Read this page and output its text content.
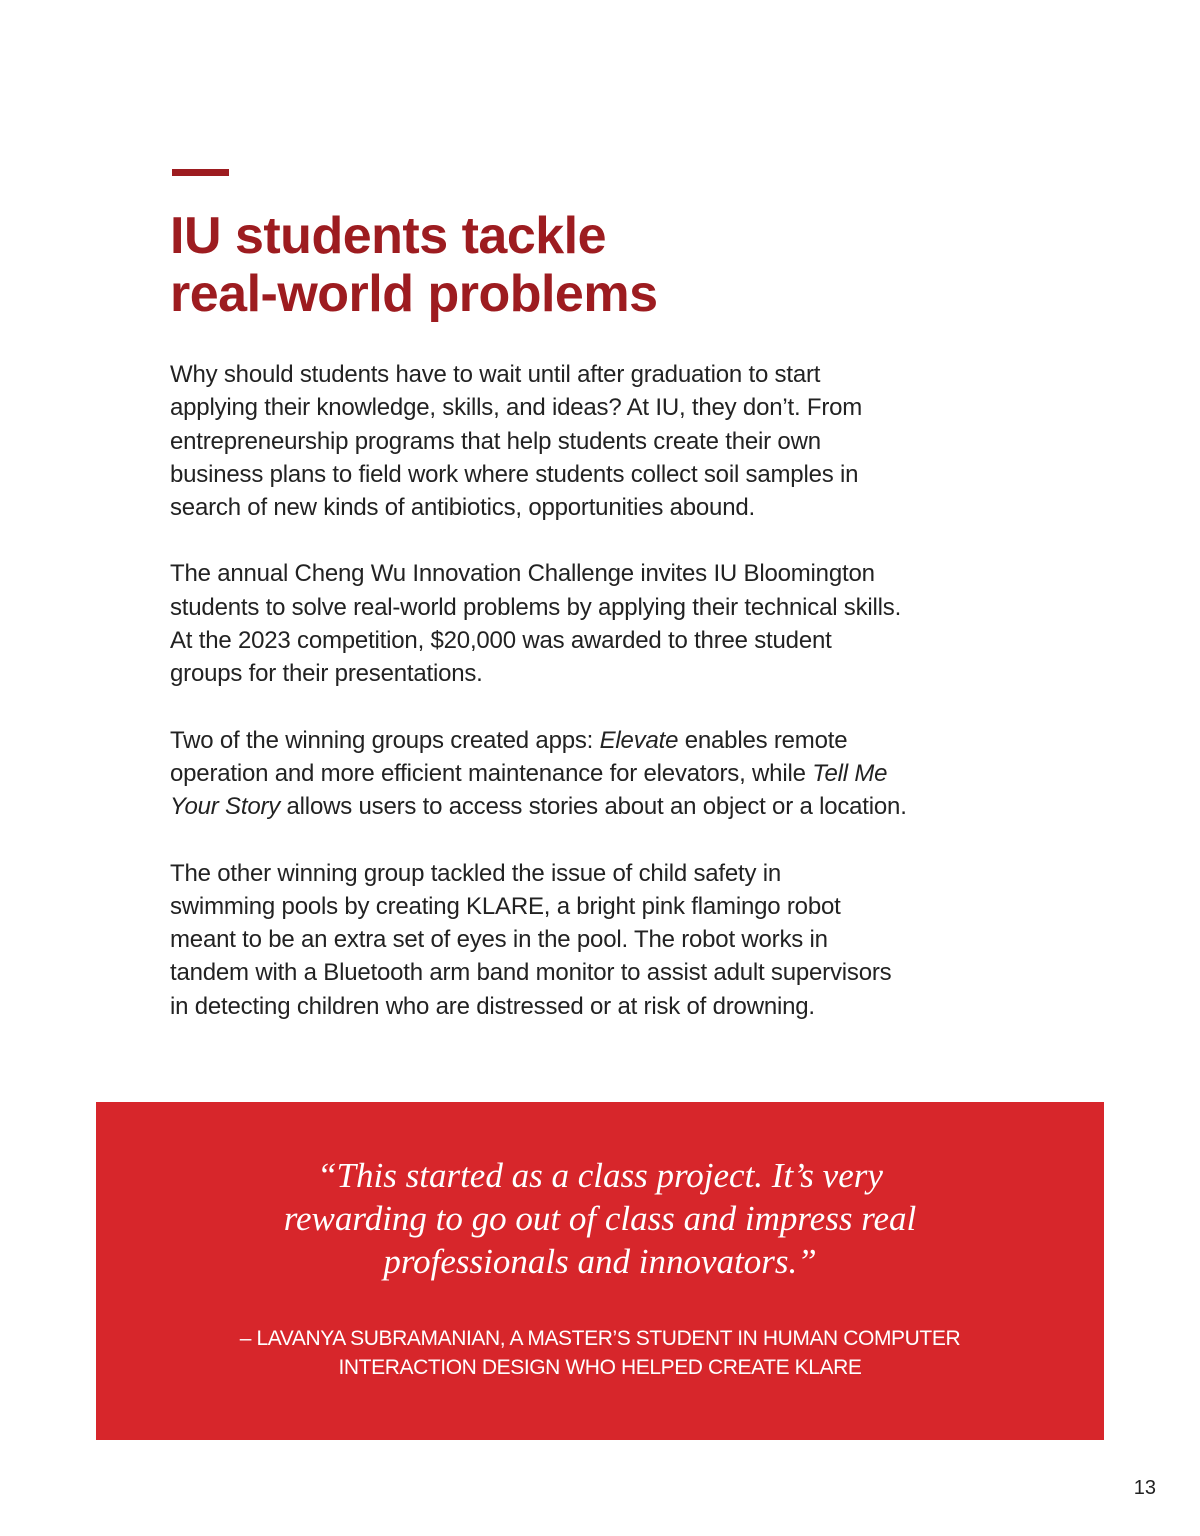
IU students tackle
real-world problems

Why should students have to wait until after graduation to start
applying their knowledge, skills, and ideas? At IU, they don’t. From
entrepreneurship programs that help students create their own
business plans to field work where students collect soil samples in
search of new kinds of antibiotics, opportunities abound.

The annual Cheng Wu Innovation Challenge invites IU Bloomington
students to solve real-world problems by applying their technical skills.
At the 2023 competition, $20,000 was awarded to three student
groups for their presentations.

Two of the winning groups created apps: Elevate enables remote
operation and more efficient maintenance for elevators, while Tell Me
Your Story allows users to access stories about an object or a location.

The other winning group tackled the issue of child safety in
swimming pools by creating KLARE, a bright pink flamingo robot
meant to be an extra set of eyes in the pool. The robot works in
tandem with a Bluetooth arm band monitor to assist adult supervisors
in detecting children who are distressed or at risk of drowning.

“This started as a class project. It’s very
rewarding to go out of class and impress real
professionals and innovators.”

– LAVANYA SUBRAMANIAN, A MASTER’S STUDENT IN HUMAN COMPUTER
INTERACTION DESIGN WHO HELPED CREATE KLARE

13
